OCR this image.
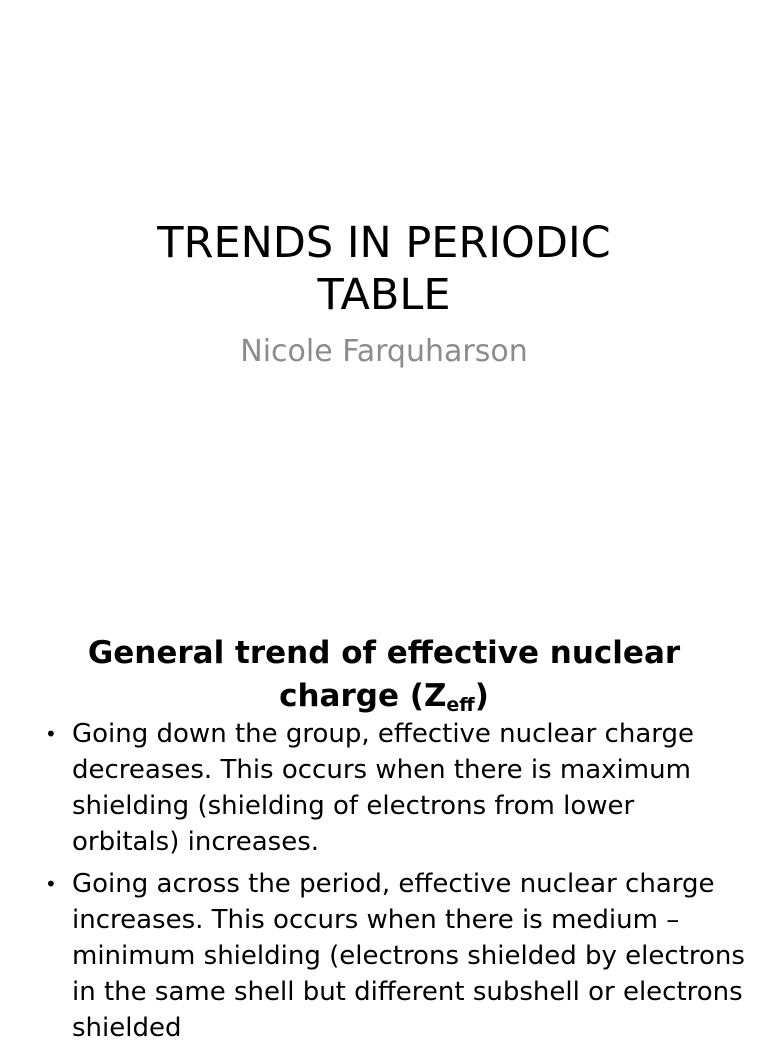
TRENDS IN PERIODIC
TABLE
Nicole Farquharson
General trend of effective nuclear
charge $(Z_{eff})$
• Going down the group, effective nuclear charge decreases. This occurs when there is maximum shielding (shielding of electrons from lower orbitals) increases.
• Going across the period, effective nuclear charge increases. This occurs when there is medium – minimum shielding (electrons shielded by electrons in the same shell but different subshell or electrons shielded
